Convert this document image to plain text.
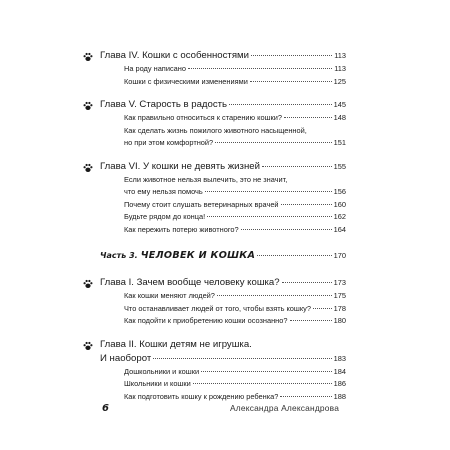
Глава IV. Кошки с особенностями	113
На роду написано	113
Кошки с физическими изменениями	125
Глава V. Старость в радость	145
Как правильно относиться к старению кошки?	148
Как сделать жизнь пожилого животного насыщенной,
но при этом комфортной?	151
Глава VI. У кошки не девять жизней	155
Если животное нельзя вылечить, это не значит,
что ему нельзя помочь	156
Почему стоит слушать ветеринарных врачей	160
Будьте рядом до конца!	162
Как пережить потерю животного?	164
Часть 3. ЧЕЛОВЕК И КОШКА	170
Глава I. Зачем вообще человеку кошка?	173
Как кошки меняют людей?	175
Что останавливает людей от того, чтобы взять кошку?	178
Как подойти к приобретению кошки осознанно?	180
Глава II. Кошки детям не игрушка.
И наоборот	183
Дошкольники и кошки	184
Школьники и кошки	186
Как подготовить кошку к рождению ребенка?	188
6	Александра Александрова
